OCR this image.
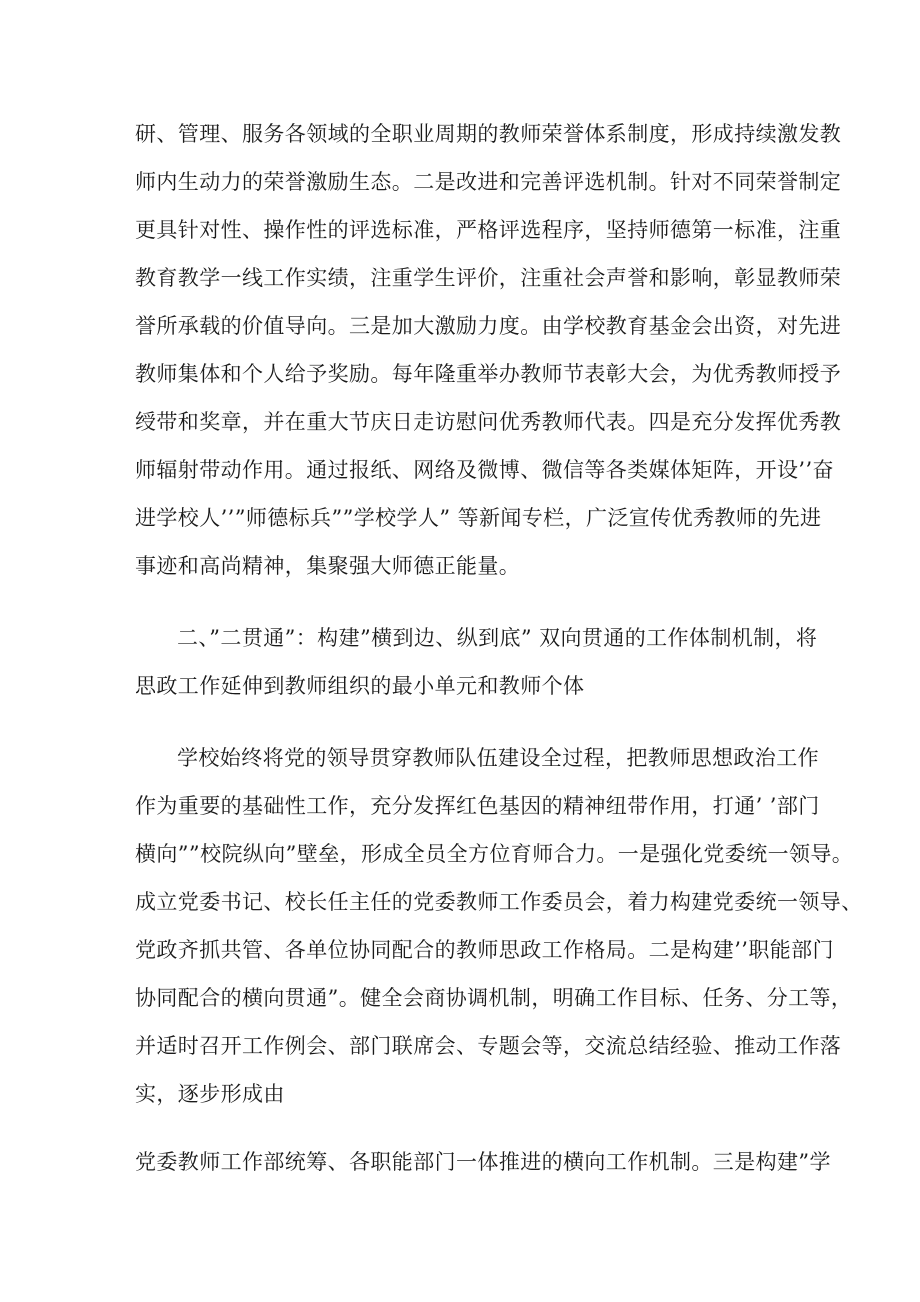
研、管理、服务各领域的全职业周期的教师荣誉体系制度，形成持续激发教
师内生动力的荣誉激励生态。二是改进和完善评选机制。针对不同荣誉制定
更具针对性、操作性的评选标准，严格评选程序，坚持师德第一标准，注重
教育教学一线工作实绩，注重学生评价，注重社会声誉和影响，彰显教师荣
誉所承载的价值导向。三是加大激励力度。由学校教育基金会出资，对先进
教师集体和个人给予奖励。每年隆重举办教师节表彰大会，为优秀教师授予
绶带和奖章，并在重大节庆日走访慰问优秀教师代表。四是充分发挥优秀教
师辐射带动作用。通过报纸、网络及微博、微信等各类媒体矩阵，开设’’奋
进学校人’’”师德标兵””学校学人” 等新闻专栏，广泛宣传优秀教师的先进
事迹和高尚精神，集聚强大师德正能量。
二、”二贯通”：构建”横到边、纵到底” 双向贯通的工作体制机制，将
思政工作延伸到教师组织的最小单元和教师个体
学校始终将党的领导贯穿教师队伍建设全过程，把教师思想政治工作
作为重要的基础性工作，充分发挥红色基因的精神纽带作用，打通’ ’部门
横向””校院纵向”壁垒，形成全员全方位育师合力。一是强化党委统一领导。
成立党委书记、校长任主任的党委教师工作委员会，着力构建党委统一领导、
党政齐抓共管、各单位协同配合的教师思政工作格局。二是构建’’职能部门
协同配合的横向贯通”。健全会商协调机制，明确工作目标、任务、分工等，
并适时召开工作例会、部门联席会、专题会等，交流总结经验、推动工作落
实，逐步形成由
党委教师工作部统筹、各职能部门一体推进的横向工作机制。三是构建”学
